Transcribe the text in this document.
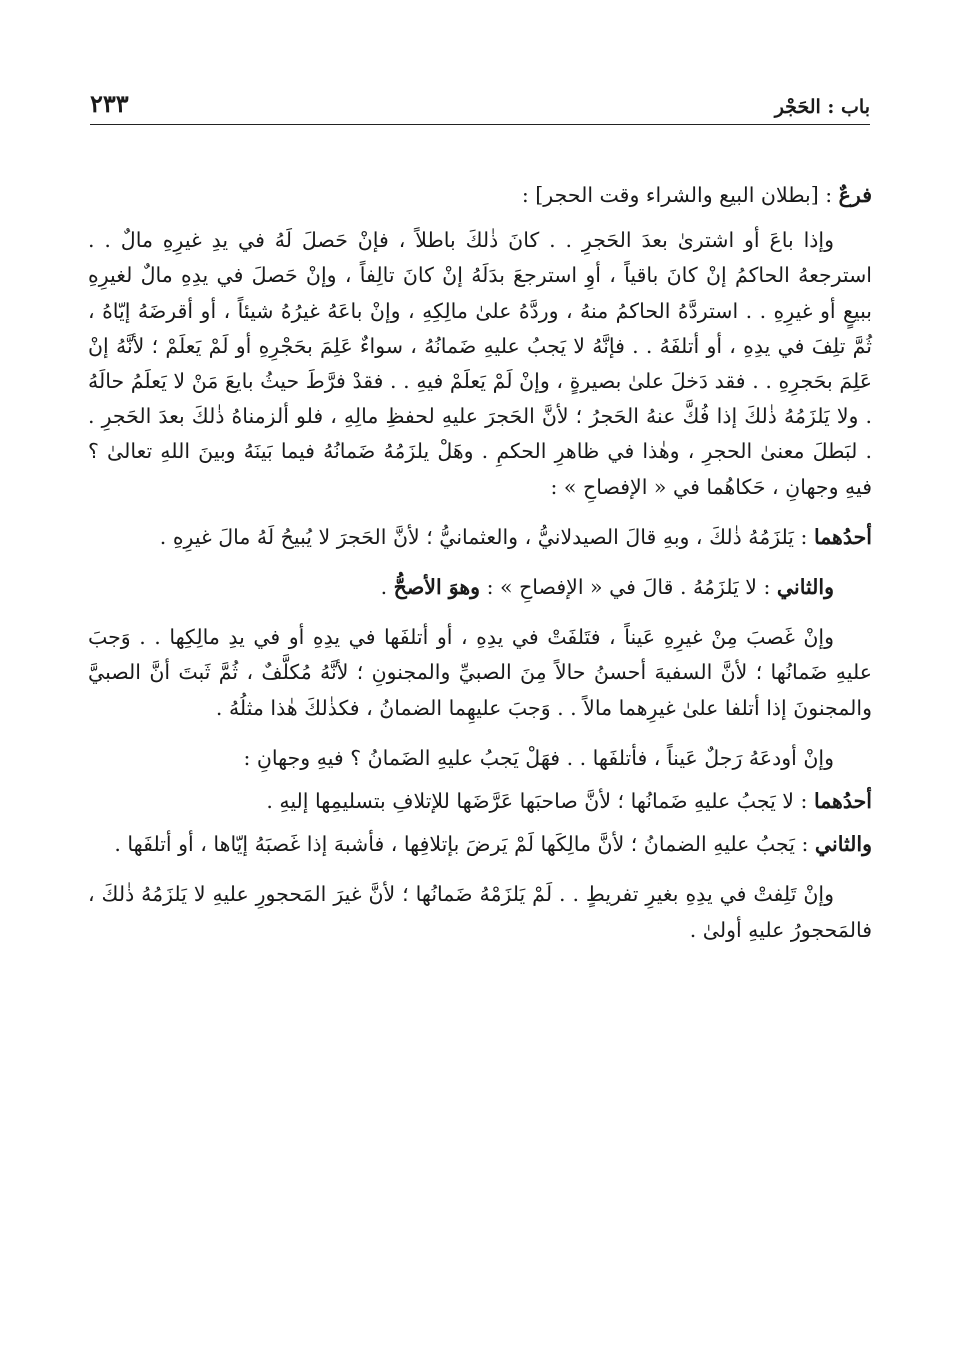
باب : الحَجْر
٢٣٣

فرعٌ : [بطلان البيع والشراء وقت الحجر] :

وإذا باعَ أو اشترىٰ بعدَ الحَجرِ . . كانَ ذٰلكَ باطلاً ، فإنْ حَصلَ لَهُ في يدِ غيرِهِ مالٌ . . استرجعهُ الحاكمُ إنْ كانَ باقياً ، أوِ استرجعَ بدَلَهُ إنْ كانَ تالِفاً ، وإنْ حَصلَ في يدِهِ مالٌ لغيرِهِ ببيعٍ أو غيرِهِ . . استردَّهُ الحاكمُ منهُ ، وردَّهُ علىٰ مالِكِهِ ، وإنْ باعَهُ غيرُهُ شيئاً ، أو أقرضَهُ إيّاهُ ، ثُمَّ تلِفَ في يدِهِ ، أو أتلفَهُ . . فإنَّهُ لا يَجبُ عليهِ ضَمانُهُ ، سواءٌ عَلِمَ بحَجْرِهِ أو لَمْ يَعلَمْ ؛ لأنَّهُ إنْ عَلِمَ بحَجرِهِ . . فقد دَخلَ علىٰ بصيرةٍ ، وإنْ لَمْ يَعلَمْ فيهِ . . فقدْ فرَّطَ حيثُ بايعَ مَنْ لا يَعلَمُ حالَهُ . ولا يَلزَمُهُ ذٰلكَ إذا فُكَّ عنهُ الحَجرُ ؛ لأنَّ الحَجرَ عليهِ لحفظِ مالِهِ ، فلو ألزمناهُ ذٰلكَ بعدَ الحَجرِ . . لبَطلَ معنىٰ الحجرِ ، وهٰذا في ظاهرِ الحكمِ . وهَلْ يلزَمُهُ ضَمانُهُ فيما بَينَهُ وبينَ اللهِ تعالىٰ ؟ فيهِ وجهانِ ، حَكاهُما في « الإفصاحِ » :

أحدُهما : يَلزَمُهُ ذٰلكَ ، وبهِ قالَ الصيدلانيُّ ، والعثمانيُّ ؛ لأنَّ الحَجرَ لا يُبيحُ لَهُ مالَ غيرِهِ .

والثاني : لا يَلزَمُهُ . قالَ في « الإفصاحِ » : وهوَ الأصحُّ .

وإنْ غَصبَ مِنْ غيرِهِ عَيناً ، فتَلفَتْ في يدِهِ ، أو أتلفَها في يدِهِ أو في يدِ مالِكِها . . وَجبَ عليهِ ضَمانُها ؛ لأنَّ السفيهَ أحسنُ حالاً مِنَ الصبيِّ والمجنونِ ؛ لأنَّهُ مُكلَّفٌ ، ثُمَّ ثَبتَ أنَّ الصبيَّ والمجنونَ إذا أتلفا علىٰ غيرِهما مالاً . . وَجبَ عليهِما الضمانُ ، فكذٰلكَ هٰذا مثلُهُ .

وإنْ أودعَهُ رَجلٌ عَيناً ، فأتلفَها . . فهَلْ يَجبُ عليهِ الضَمانُ ؟ فيهِ وجهانِ :

أحدُهما : لا يَجبُ عليهِ ضَمانُها ؛ لأنَّ صاحبَها عَرَّضَها للإتلافِ بتسليمِها إليهِ .

والثاني : يَجبُ عليهِ الضمانُ ؛ لأنَّ مالِكَها لَمْ يَرضَ بإتلافِها ، فأشبهَ إذا غَصبَهُ إيّاها ، أو أتلفَها .

وإنْ تَلِفتْ في يدِهِ بغيرِ تفريطٍ . . لَمْ يَلزَمْهُ ضَمانُها ؛ لأنَّ غيرَ المَحجورِ عليهِ لا يَلزَمُهُ ذٰلكَ ، فالمَحجورُ عليهِ أولىٰ .
